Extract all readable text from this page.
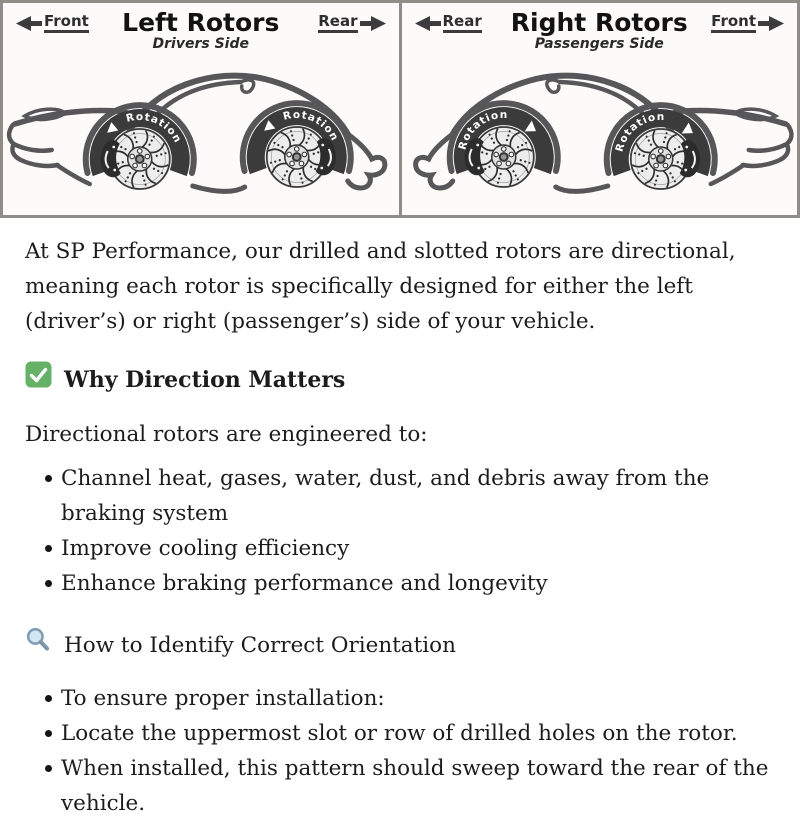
Front Left Rotors
Drivers Side
Rear
Rotation
Rotation
Rear Right Rotors
Passengers Side
Front
Rotation
Rotation

At SP Performance, our drilled and slotted rotors are directional,
meaning each rotor is specifically designed for either the left
(driver’s) or right (passenger’s) side of your vehicle.

Why Direction Matters

Directional rotors are engineered to:

Channel heat, gases, water, dust, and debris away from the
braking system
Improve cooling efficiency
Enhance braking performance and longevity
How to Identify Correct Orientation
To ensure proper installation:
Locate the uppermost slot or row of drilled holes on the rotor.
When installed, this pattern should sweep toward the rear of the
vehicle.
